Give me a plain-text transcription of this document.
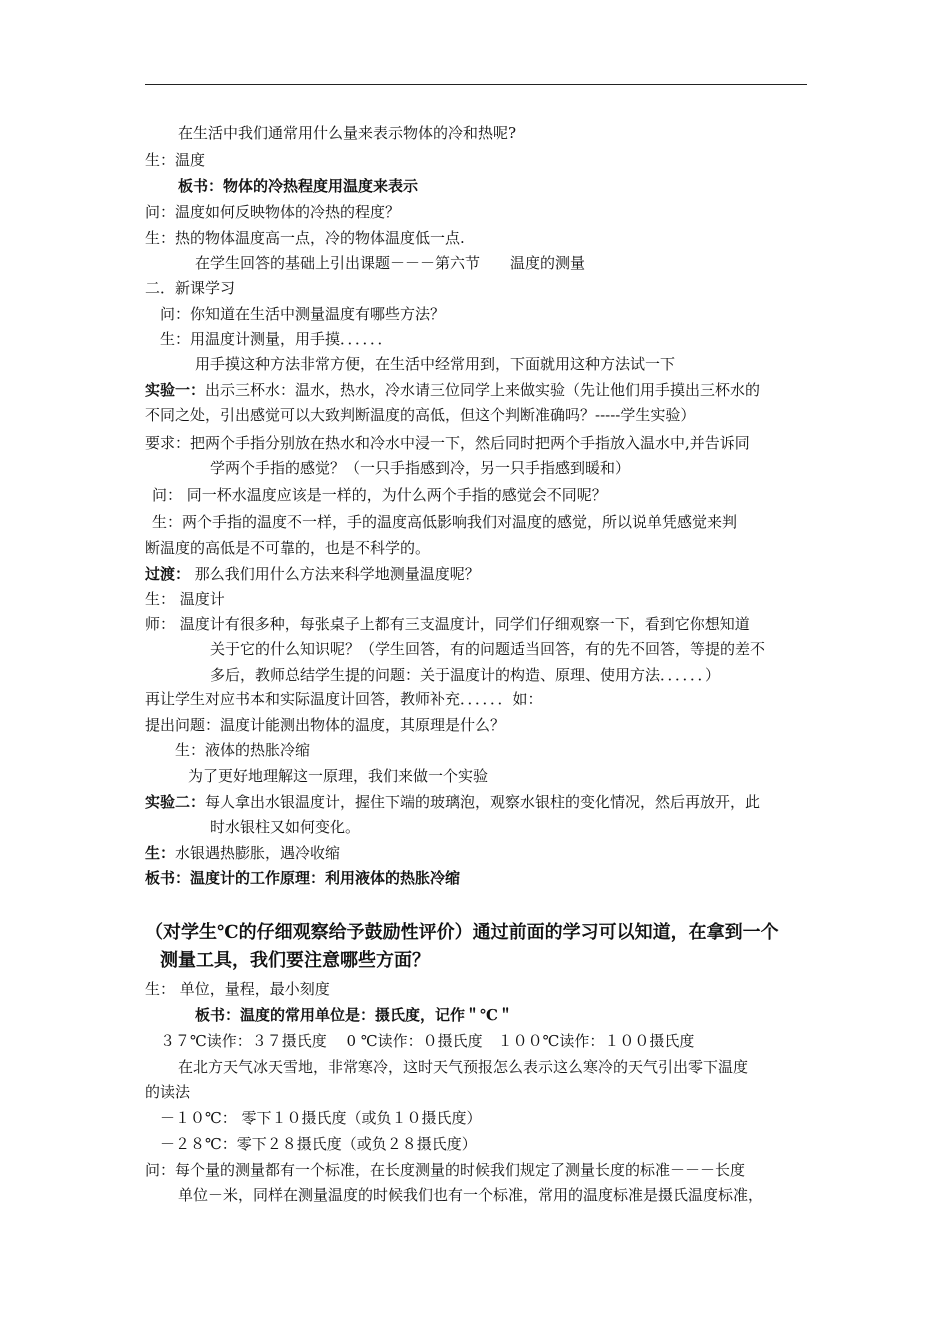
在生活中我们通常用什么量来表示物体的冷和热呢?
生：温度
板书：物体的冷热程度用温度来表示
问：温度如何反映物体的冷热的程度？
生：热的物体温度高一点，冷的物体温度低一点.
在学生回答的基础上引出课题－－－第六节　　温度的测量
二．新课学习
问：你知道在生活中测量温度有哪些方法？
生：用温度计测量，用手摸．．．．．．
用手摸这种方法非常方便，在生活中经常用到，下面就用这种方法试一下
实验一：出示三杯水：温水，热水，冷水请三位同学上来做实验（先让他们用手摸出三杯水的
不同之处，引出感觉可以大致判断温度的高低，但这个判断准确吗？-----学生实验）
要求：把两个手指分别放在热水和冷水中浸一下，然后同时把两个手指放入温水中,并告诉同
学两个手指的感觉？（一只手指感到冷，另一只手指感到暖和）
问： 同一杯水温度应该是一样的，为什么两个手指的感觉会不同呢？
生：两个手指的温度不一样，手的温度高低影响我们对温度的感觉，所以说单凭感觉来判
断温度的高低是不可靠的，也是不科学的。
过渡： 那么我们用什么方法来科学地测量温度呢？
生： 温度计
师： 温度计有很多种，每张桌子上都有三支温度计，同学们仔细观察一下，看到它你想知道
关于它的什么知识呢？（学生回答，有的问题适当回答，有的先不回答，等提的差不
多后，教师总结学生提的问题：关于温度计的构造、原理、使用方法．．．．．．）
再让学生对应书本和实际温度计回答，教师补充．．．．．．如：
提出问题：温度计能测出物体的温度，其原理是什么？
生：液体的热胀冷缩
为了更好地理解这一原理，我们来做一个实验
实验二：每人拿出水银温度计，握住下端的玻璃泡，观察水银柱的变化情况，然后再放开，此
时水银柱又如何变化。
生：水银遇热膨胀，遇冷收缩
板书：温度计的工作原理：利用液体的热胀冷缩
（对学生℃的仔细观察给予鼓励性评价）通过前面的学习可以知道，在拿到一个
测量工具，我们要注意哪些方面？
生： 单位，量程，最小刻度
板书：温度的常用单位是：摄氏度，记作＂℃＂
３７℃读作：３７摄氏度　 0 ℃读作：０摄氏度　１００℃读作：１００摄氏度
在北方天气冰天雪地，非常寒冷，这时天气预报怎么表示这么寒冷的天气引出零下温度
的读法
－１０℃： 零下１０摄氏度（或负１０摄氏度）
－２８℃：零下２８摄氏度（或负２８摄氏度）
问：每个量的测量都有一个标准，在长度测量的时候我们规定了测量长度的标准－－－长度
单位－米，同样在测量温度的时候我们也有一个标准，常用的温度标准是摄氏温度标准，
